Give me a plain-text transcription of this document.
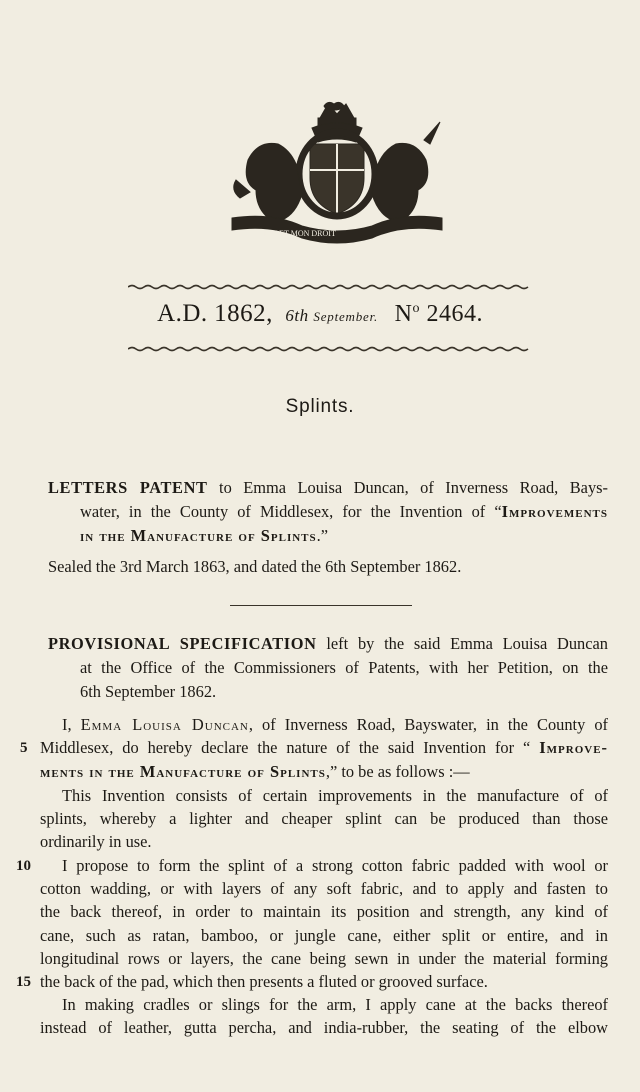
DIEU ET MON DROIT
A.D. 1862, 6th September. $N^o$ 2464.
Splints.
LETTERS PATENT to Emma Louisa Duncan, of Inverness Road, Bays-
water, in the County of Middlesex, for the Invention of “Improvements
in the Manufacture of Splints.”
Sealed the 3rd March 1863, and dated the 6th September 1862.
PROVISIONAL SPECIFICATION left by the said Emma Louisa Duncan
at the Office of the Commissioners of Patents, with her Petition, on the
6th September 1862.
I, Emma Louisa Duncan, of Inverness Road, Bayswater, in the County of
5 Middlesex, do hereby declare the nature of the said Invention for “ Improve-
ments in the Manufacture of Splints,” to be as follows :—
This Invention consists of certain improvements in the manufacture of of
splints, whereby a lighter and cheaper splint can be produced than those
ordinarily in use.
10 I propose to form the splint of a strong cotton fabric padded with wool or
cotton wadding, or with layers of any soft fabric, and to apply and fasten to
the back thereof, in order to maintain its position and strength, any kind of
cane, such as ratan, bamboo, or jungle cane, either split or entire, and in
longitudinal rows or layers, the cane being sewn in under the material forming
15 the back of the pad, which then presents a fluted or grooved surface.
In making cradles or slings for the arm, I apply cane at the backs thereof
instead of leather, gutta percha, and india-rubber, the seating of the elbow
